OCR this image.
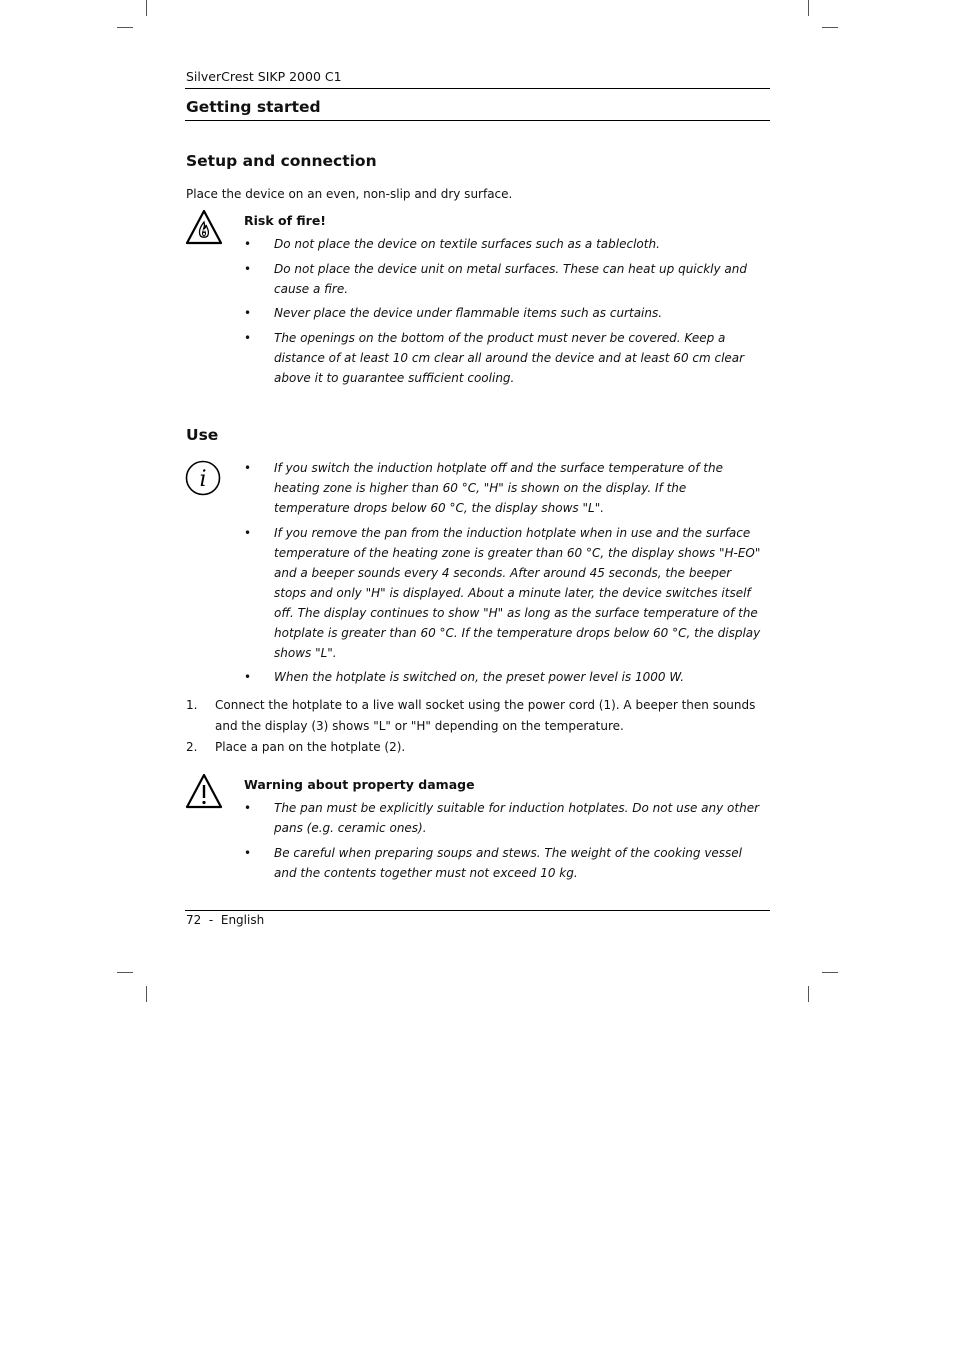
SilverCrest SIKP 2000 C1
Getting started
Setup and connection
Place the device on an even, non-slip and dry surface.
Risk of fire!
• Do not place the device on textile surfaces such as a tablecloth.
• Do not place the device unit on metal surfaces. These can heat up quickly and cause a fire.
• Never place the device under flammable items such as curtains.
• The openings on the bottom of the product must never be covered. Keep a distance of at least 10 cm clear all around the device and at least 60 cm clear above it to guarantee sufficient cooling.
Use
i	• If you switch the induction hotplate off and the surface temperature of the heating zone is higher than 60 °C, "H" is shown on the display. If the temperature drops below 60 °C, the display shows "L".
• If you remove the pan from the induction hotplate when in use and the surface temperature of the heating zone is greater than 60 °C, the display shows "H-EO" and a beeper sounds every 4 seconds. After around 45 seconds, the beeper stops and only "H" is displayed. About a minute later, the device switches itself off. The display continues to show "H" as long as the surface temperature of the hotplate is greater than 60 °C. If the temperature drops below 60 °C, the display shows "L".
• When the hotplate is switched on, the preset power level is 1000 W.
1. Connect the hotplate to a live wall socket using the power cord (1). A beeper then sounds and the display (3) shows "L" or "H" depending on the temperature.
2. Place a pan on the hotplate (2).
Warning about property damage
• The pan must be explicitly suitable for induction hotplates. Do not use any other pans (e.g. ceramic ones).
• Be careful when preparing soups and stews. The weight of the cooking vessel and the contents together must not exceed 10 kg.
72  -  English
